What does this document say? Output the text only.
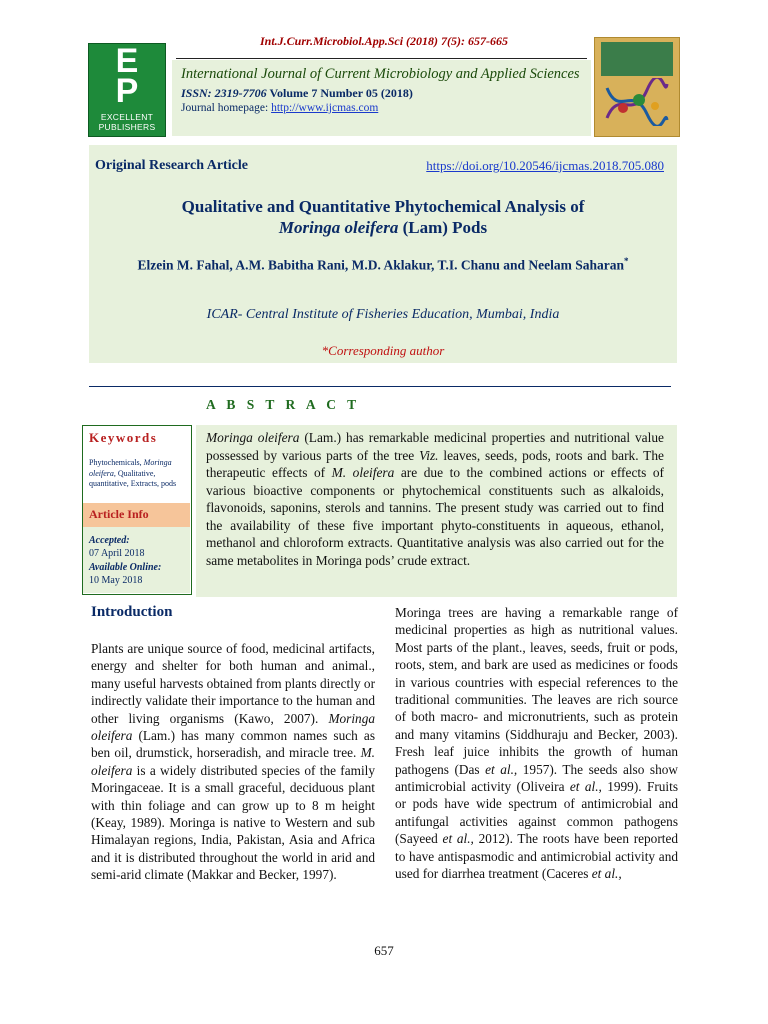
Int.J.Curr.Microbiol.App.Sci (2018) 7(5): 657-665
E
P
EXCELLENT
PUBLISHERS
International Journal of Current Microbiology and Applied Sciences
ISSN: 2319-7706 Volume 7 Number 05 (2018)
Journal homepage: http://www.ijcmas.com
Original Research Article	https://doi.org/10.20546/ijcmas.2018.705.080
Qualitative and Quantitative Phytochemical Analysis of
Moringa oleifera (Lam) Pods
Elzein M. Fahal, A.M. Babitha Rani, M.D. Aklakur, T.I. Chanu and Neelam Saharan*
ICAR- Central Institute of Fisheries Education, Mumbai, India
*Corresponding author
A B S T R A C T
Moringa oleifera (Lam.) has remarkable medicinal properties and nutritional value possessed by various parts of the tree Viz. leaves, seeds, pods, roots and bark. The therapeutic effects of M. oleifera are due to the combined actions or effects of various bioactive components or phytochemical constituents such as alkaloids, flavonoids, saponins, sterols and tannins. The present study was carried out to find the availability of these five important phyto-constituents in aqueous, ethanol, methanol and chloroform extracts. Quantitative analysis was also carried out for the same metabolites in Moringa pods’ crude extract.
Keywords
Phytochemicals, Moringa oleifera, Qualitative, quantitative, Extracts, pods
Article Info
Accepted:
07 April 2018
Available Online:
10 May 2018
Introduction
Plants are unique source of food, medicinal artifacts, energy and shelter for both human and animal., many useful harvests obtained from plants directly or indirectly validate their importance to the human and other living organisms (Kawo, 2007). Moringa oleifera (Lam.) has many common names such as ben oil, drumstick, horseradish, and miracle tree. M. oleifera is a widely distributed species of the family Moringaceae. It is a small graceful, deciduous plant with thin foliage and can grow up to 8 m height (Keay, 1989). Moringa is native to Western and sub Himalayan regions, India, Pakistan, Asia and Africa and it is distributed throughout the world in arid and semi-arid climate (Makkar and Becker, 1997).
Moringa trees are having a remarkable range of medicinal properties as high as nutritional values. Most parts of the plant., leaves, seeds, fruit or pods, roots, stem, and bark are used as medicines or foods in various countries with especial references to the traditional communities. The leaves are rich source of both macro- and micronutrients, such as protein and many vitamins (Siddhuraju and Becker, 2003). Fresh leaf juice inhibits the growth of human pathogens (Das et al., 1957). The seeds also show antimicrobial activity (Oliveira et al., 1999). Fruits or pods have wide spectrum of antimicrobial and antifungal activities against common pathogens (Sayeed et al., 2012). The roots have been reported to have antispasmodic and antimicrobial activity and used for diarrhea treatment (Caceres et al.,
657
